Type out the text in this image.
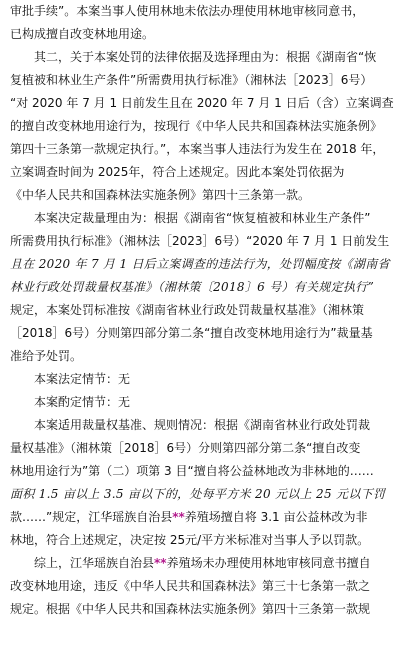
审批手续”。本案当事人使用林地未依法办理使用林地审核同意书，
已构成擅自改变林地用途。
其二，关于本案处罚的法律依据及选择理由为：根据《湖南省“恢
复植被和林业生产条件”所需费用执行标准》（湘林法［2023］6号）
“对 2020 年 7 月 1 日前发生且在 2020 年 7 月 1 日后（含）立案调查
的擅自改变林地用途行为，按现行《中华人民共和国森林法实施条例》
第四十三条第一款规定执行。”，本案当事人违法行为发生在 2018 年，
立案调查时间为 2025年，符合上述规定。因此本案处罚依据为
《中华人民共和国森林法实施条例》第四十三条第一款。
本案决定裁量理由为：根据《湖南省“恢复植被和林业生产条件”
所需费用执行标准》（湘林法［2023］6号）“2020 年 7 月 1 日前发生
且在 2020 年 7 月 1 日后立案调查的违法行为，处罚幅度按《湖南省
林业行政处罚裁量权基准》（湘林策〔2018〕6 号）有关规定执行”
规定，本案处罚标准按《湖南省林业行政处罚裁量权基准》（湘林策
［2018］6号）分则第四部分第二条“擅自改变林地用途行为”裁量基
准给予处罚。
本案法定情节：无
本案酌定情节：无
本案适用裁量权基准、规则情况：根据《湖南省林业行政处罚裁
量权基准》（湘林策［2018］6号）分则第四部分第二条“擅自改变
林地用途行为”第（二）项第 3 目“擅自将公益林地改为非林地的……
面积 1.5 亩以上 3.5 亩以下的，处每平方米 20 元以上 25 元以下罚
款……”规定，江华瑶族自治县**养殖场擅自将 3.1 亩公益林改为非
林地，符合上述规定，决定按 25元/平方米标准对当事人予以罚款。
综上，江华瑶族自治县**养殖场未办理使用林地审核同意书擅自
改变林地用途，违反《中华人民共和国森林法》第三十七条第一款之
规定。根据《中华人民共和国森林法实施条例》第四十三条第一款规
